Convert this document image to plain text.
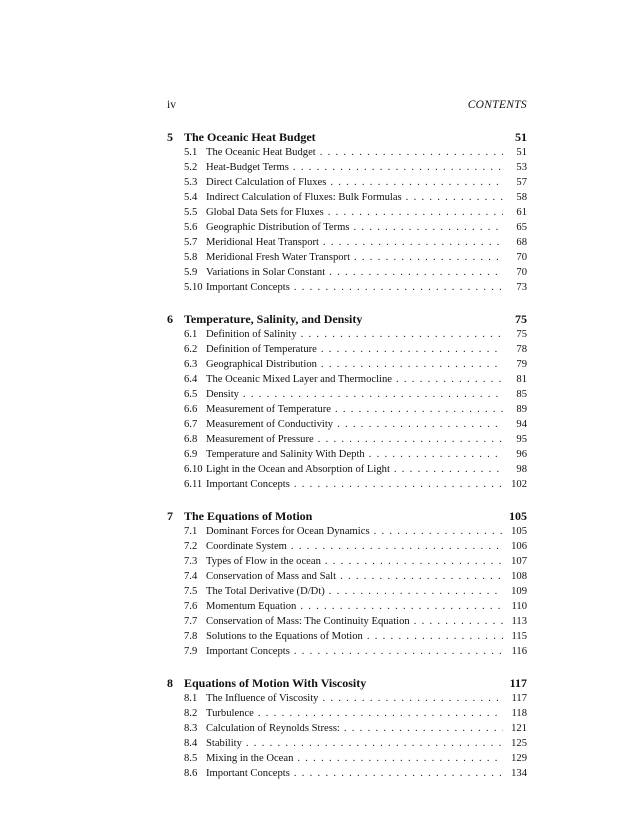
iv	CONTENTS
5 The Oceanic Heat Budget	51
5.1 The Oceanic Heat Budget . . .	51
5.2 Heat-Budget Terms . . .	53
5.3 Direct Calculation of Fluxes . . .	57
5.4 Indirect Calculation of Fluxes: Bulk Formulas . . .	58
5.5 Global Data Sets for Fluxes . . .	61
5.6 Geographic Distribution of Terms . . .	65
5.7 Meridional Heat Transport . . .	68
5.8 Meridional Fresh Water Transport . . .	70
5.9 Variations in Solar Constant . . .	70
5.10 Important Concepts . . .	73
6 Temperature, Salinity, and Density	75
6.1 Definition of Salinity . . .	75
6.2 Definition of Temperature . . .	78
6.3 Geographical Distribution . . .	79
6.4 The Oceanic Mixed Layer and Thermocline . . .	81
6.5 Density . . .	85
6.6 Measurement of Temperature . . .	89
6.7 Measurement of Conductivity . . .	94
6.8 Measurement of Pressure . . .	95
6.9 Temperature and Salinity With Depth . . .	96
6.10 Light in the Ocean and Absorption of Light . . .	98
6.11 Important Concepts . . .	102
7 The Equations of Motion	105
7.1 Dominant Forces for Ocean Dynamics . . .	105
7.2 Coordinate System . . .	106
7.3 Types of Flow in the ocean . . .	107
7.4 Conservation of Mass and Salt . . .	108
7.5 The Total Derivative (D/Dt) . . .	109
7.6 Momentum Equation . . .	110
7.7 Conservation of Mass: The Continuity Equation . . .	113
7.8 Solutions to the Equations of Motion . . .	115
7.9 Important Concepts . . .	116
8 Equations of Motion With Viscosity	117
8.1 The Influence of Viscosity . . .	117
8.2 Turbulence . . .	118
8.3 Calculation of Reynolds Stress: . . .	121
8.4 Stability . . .	125
8.5 Mixing in the Ocean . . .	129
8.6 Important Concepts . . .	134
